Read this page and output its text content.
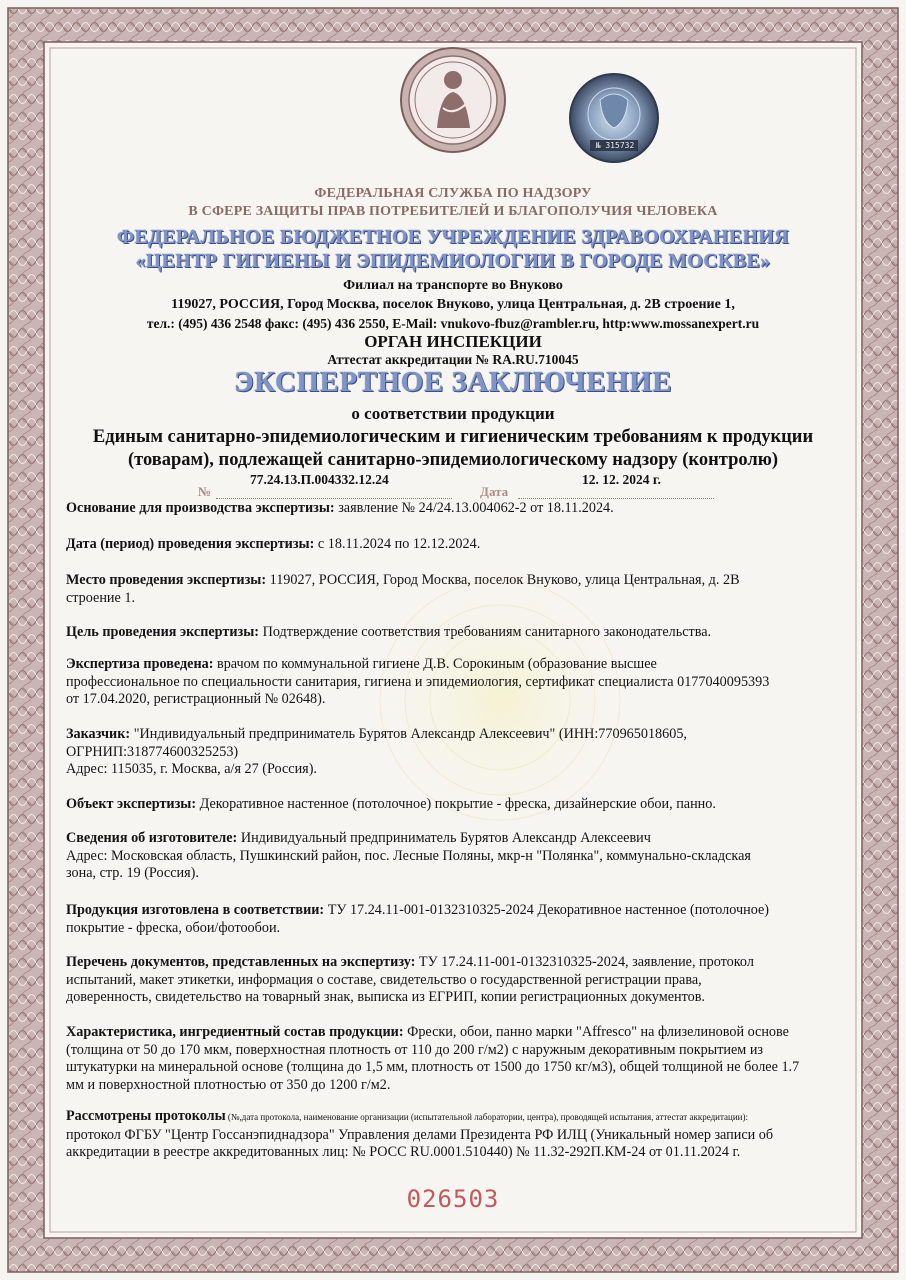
№ 315732
ФЕДЕРАЛЬНАЯ СЛУЖБА ПО НАДЗОРУ
В СФЕРЕ ЗАЩИТЫ ПРАВ ПОТРЕБИТЕЛЕЙ И БЛАГОПОЛУЧИЯ ЧЕЛОВЕКА
ФЕДЕРАЛЬНОЕ БЮДЖЕТНОЕ УЧРЕЖДЕНИЕ ЗДРАВООХРАНЕНИЯ
«ЦЕНТР ГИГИЕНЫ И ЭПИДЕМИОЛОГИИ В ГОРОДЕ МОСКВЕ»
Филиал на транспорте во Внуково
119027, РОССИЯ, Город Москва, поселок Внуково, улица Центральная, д. 2В строение 1,
тел.: (495) 436 2548 факс: (495) 436 2550, E-Mail: vnukovo-fbuz@rambler.ru, http:www.mossanexpert.ru
ОРГАН ИНСПЕКЦИИ
Аттестат аккредитации № RA.RU.710045
ЭКСПЕРТНОЕ ЗАКЛЮЧЕНИЕ
о соответствии продукции
Единым санитарно-эпидемиологическим и гигиеническим требованиям к продукции
(товарам), подлежащей санитарно-эпидемиологическому надзору (контролю)
77.24.13.П.004332.12.24	12. 12. 2024 г.
№	Дата
Основание для производства экспертизы: заявление № 24/24.13.004062-2 от 18.11.2024.
Дата (период) проведения экспертизы: с 18.11.2024 по 12.12.2024.
Место проведения экспертизы: 119027, РОССИЯ, Город Москва, поселок Внуково, улица Центральная, д. 2В
строение 1.
Цель проведения экспертизы: Подтверждение соответствия требованиям санитарного законодательства.
Экспертиза проведена: врачом по коммунальной гигиене Д.В. Сорокиным (образование высшее
профессиональное по специальности санитария, гигиена и эпидемиология, сертификат специалиста 0177040095393
от 17.04.2020, регистрационный № 02648).
Заказчик: "Индивидуальный предприниматель Бурятов Александр Алексеевич" (ИНН:770965018605,
ОГРНИП:318774600325253)
Адрес: 115035, г. Москва, а/я 27 (Россия).
Объект экспертизы: Декоративное настенное (потолочное) покрытие - фреска, дизайнерские обои, панно.
Сведения об изготовителе: Индивидуальный предприниматель Бурятов Александр Алексеевич
Адрес: Московская область, Пушкинский район, пос. Лесные Поляны, мкр-н "Полянка", коммунально-складская
зона, стр. 19 (Россия).
Продукция изготовлена в соответствии: ТУ 17.24.11-001-0132310325-2024 Декоративное настенное (потолочное)
покрытие - фреска, обои/фотообои.
Перечень документов, представленных на экспертизу: ТУ 17.24.11-001-0132310325-2024, заявление, протокол
испытаний, макет этикетки, информация о составе, свидетельство о государственной регистрации права,
доверенность, свидетельство на товарный знак, выписка из ЕГРИП, копии регистрационных документов.
Характеристика, ингредиентный состав продукции: Фрески, обои, панно марки "Affresco" на флизелиновой основе
(толщина от 50 до 170 мкм, поверхностная плотность от 110 до 200 г/м2) с наружным декоративным покрытием из
штукатурки на минеральной основе (толщина до 1,5 мм, плотность от 1500 до 1750 кг/м3), общей толщиной не более 1.7
мм и поверхностной плотностью от 350 до 1200 г/м2.
Рассмотрены протоколы (№,дата протокола, наименование организации (испытательной лаборатории, центра), проводящей испытания, аттестат аккредитации):
протокол ФГБУ "Центр Госсанэпиднадзора" Управления делами Президента РФ ИЛЦ (Уникальный номер записи об
аккредитации в реестре аккредитованных лиц: № РОСС RU.0001.510440) № 11.32-292П.КМ-24 от 01.11.2024 г.
026503
